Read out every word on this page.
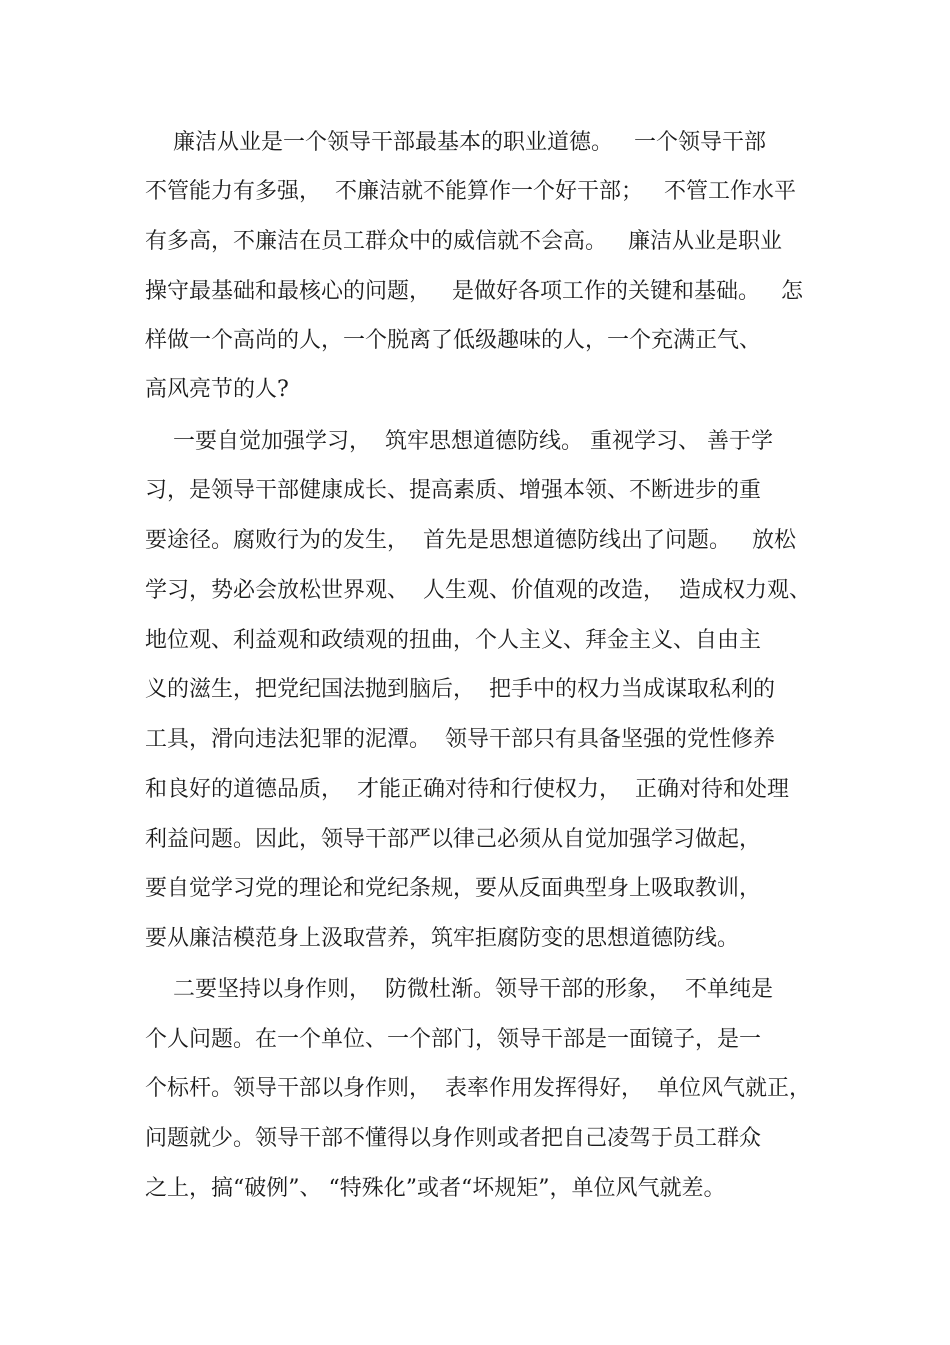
廉洁从业是一个领导干部最基本的职业道德。   一个领导干部

不管能力有多强，  不廉洁就不能算作一个好干部；   不管工作水平

有多高，不廉洁在员工群众中的威信就不会高。   廉洁从业是职业

操守最基础和最核心的问题，   是做好各项工作的关键和基础。   怎

样做一个高尚的人，一个脱离了低级趣味的人，一个充满正气、

高风亮节的人?

一要自觉加强学习，  筑牢思想道德防线。 重视学习、 善于学

习，是领导干部健康成长、提高素质、增强本领、不断进步的重

要途径。腐败行为的发生，  首先是思想道德防线出了问题。   放松

学习，势必会放松世界观、  人生观、价值观的改造，  造成权力观、

地位观、利益观和政绩观的扭曲，个人主义、拜金主义、自由主

义的滋生，把党纪国法抛到脑后，  把手中的权力当成谋取私利的

工具，滑向违法犯罪的泥潭。  领导干部只有具备坚强的党性修养

和良好的道德品质，  才能正确对待和行使权力，  正确对待和处理

利益问题。因此，领导干部严以律己必须从自觉加强学习做起，

要自觉学习党的理论和党纪条规，要从反面典型身上吸取教训，

要从廉洁模范身上汲取营养，筑牢拒腐防变的思想道德防线。

二要坚持以身作则，  防微杜渐。领导干部的形象，  不单纯是

个人问题。在一个单位、一个部门，领导干部是一面镜子，是一

个标杆。领导干部以身作则，  表率作用发挥得好，  单位风气就正，

问题就少。领导干部不懂得以身作则或者把自己凌驾于员工群众

之上，搞“破例”、 “特殊化”或者“坏规矩”，单位风气就差。
